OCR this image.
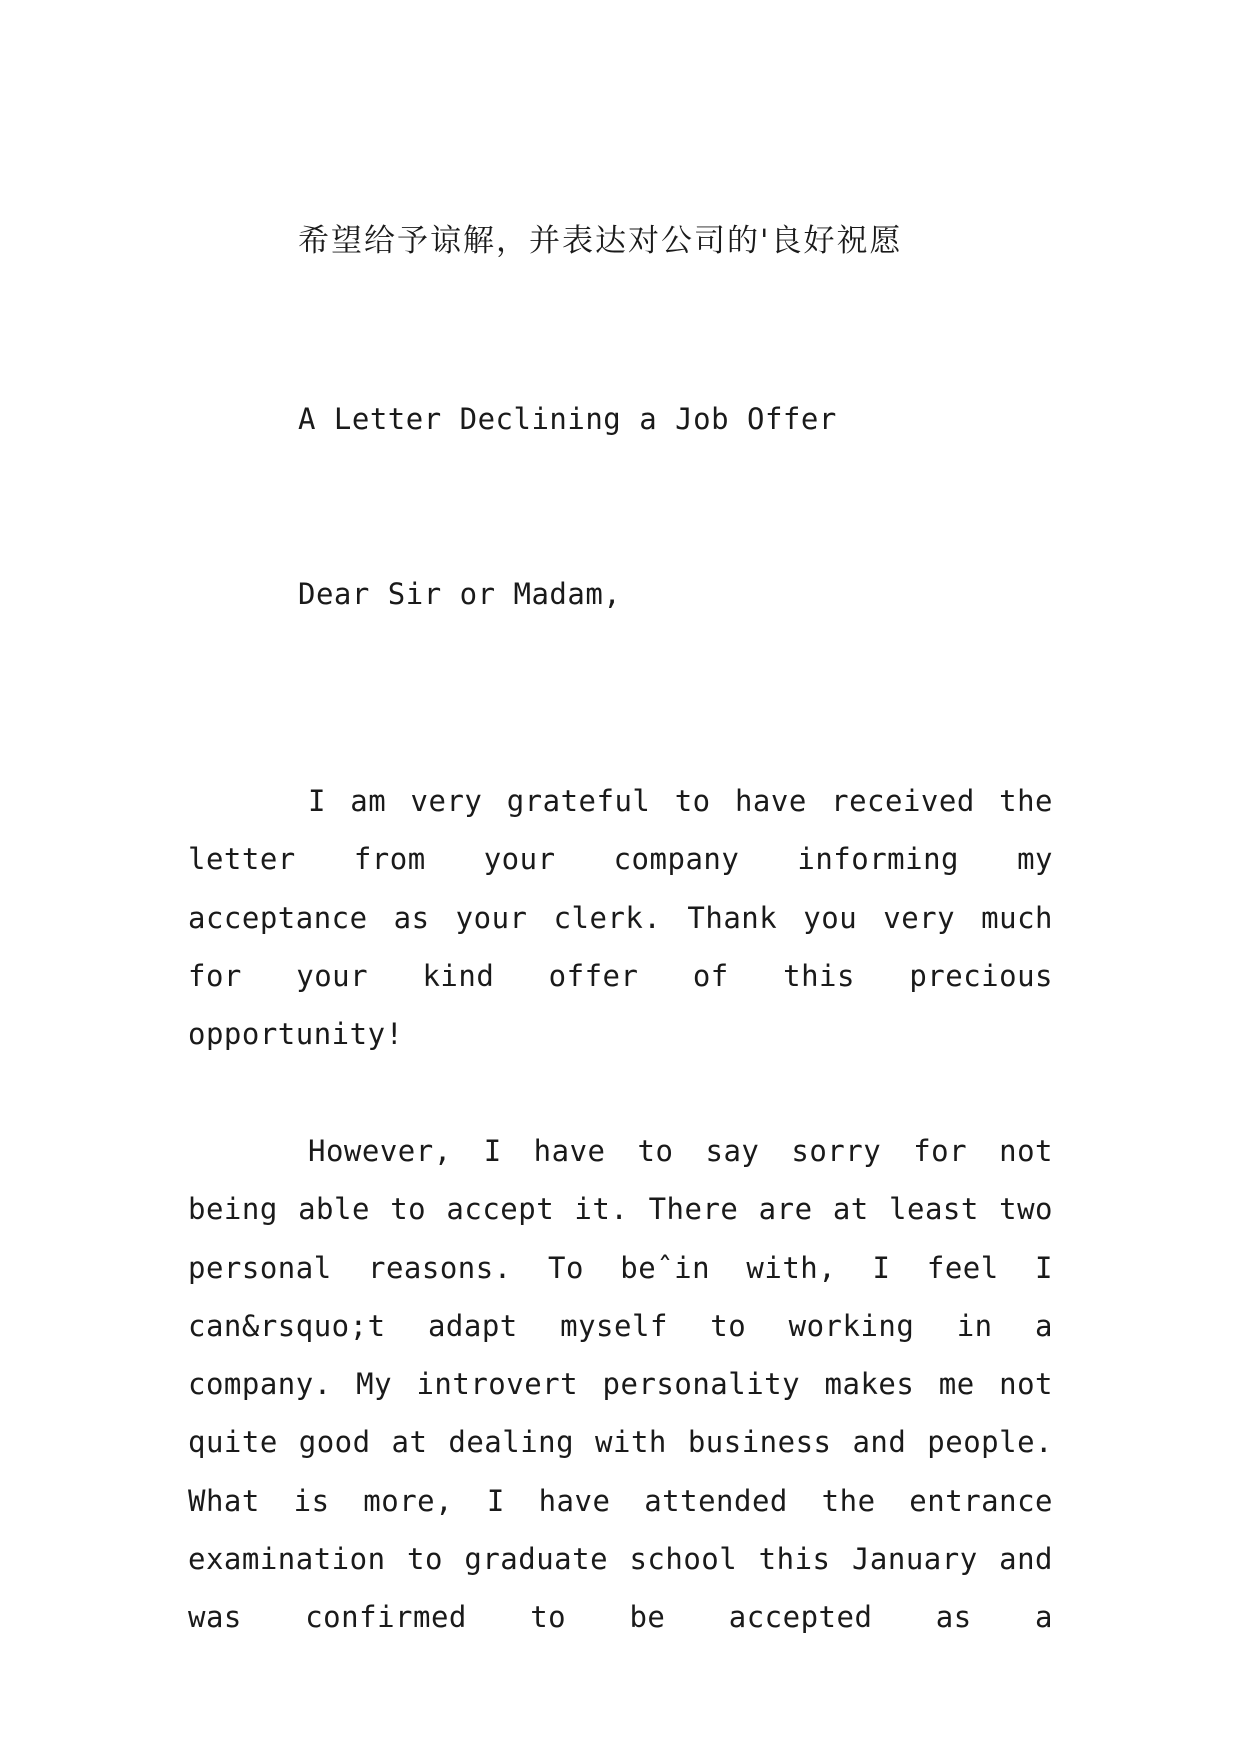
希望给予谅解，并表达对公司的'良好祝愿
A Letter Declining a Job Offer
Dear Sir or Madam,

I am very grateful to have received the letter from your company informing my acceptance as your clerk. Thank you very much for your kind offer of this precious opportunity!

However, I have to say sorry for not being able to accept it. There are at least two personal reasons. To beˆin with, I feel I can&rsquo;t adapt myself to working in a company. My introvert personality makes me not quite good at dealing with business and people. What is more, I have attended the entrance examination to graduate school this January and was confirmed to be accepted as a
